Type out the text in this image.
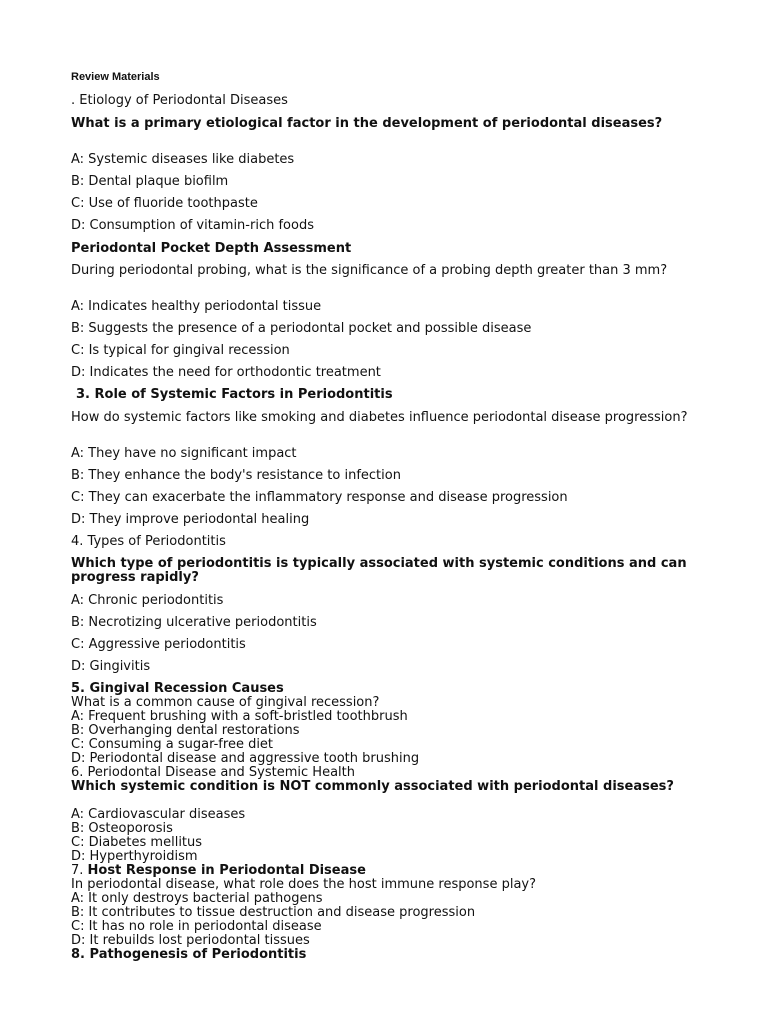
Review Materials
. Etiology of Periodontal Diseases
What is a primary etiological factor in the development of periodontal diseases?
A: Systemic diseases like diabetes
B: Dental plaque biofilm
C: Use of fluoride toothpaste
D: Consumption of vitamin-rich foods
Periodontal Pocket Depth Assessment
During periodontal probing, what is the significance of a probing depth greater than 3 mm?
A: Indicates healthy periodontal tissue
B: Suggests the presence of a periodontal pocket and possible disease
C: Is typical for gingival recession
D: Indicates the need for orthodontic treatment
3. Role of Systemic Factors in Periodontitis
How do systemic factors like smoking and diabetes influence periodontal disease progression?
A: They have no significant impact
B: They enhance the body's resistance to infection
C: They can exacerbate the inflammatory response and disease progression
D: They improve periodontal healing
4. Types of Periodontitis
Which type of periodontitis is typically associated with systemic conditions and can progress rapidly?
A: Chronic periodontitis
B: Necrotizing ulcerative periodontitis
C: Aggressive periodontitis
D: Gingivitis
5. Gingival Recession Causes
What is a common cause of gingival recession?
A: Frequent brushing with a soft-bristled toothbrush
B: Overhanging dental restorations
C: Consuming a sugar-free diet
D: Periodontal disease and aggressive tooth brushing
6. Periodontal Disease and Systemic Health
Which systemic condition is NOT commonly associated with periodontal diseases?
A: Cardiovascular diseases
B: Osteoporosis
C: Diabetes mellitus
D: Hyperthyroidism
7. Host Response in Periodontal Disease
In periodontal disease, what role does the host immune response play?
A: It only destroys bacterial pathogens
B: It contributes to tissue destruction and disease progression
C: It has no role in periodontal disease
D: It rebuilds lost periodontal tissues
8. Pathogenesis of Periodontitis
